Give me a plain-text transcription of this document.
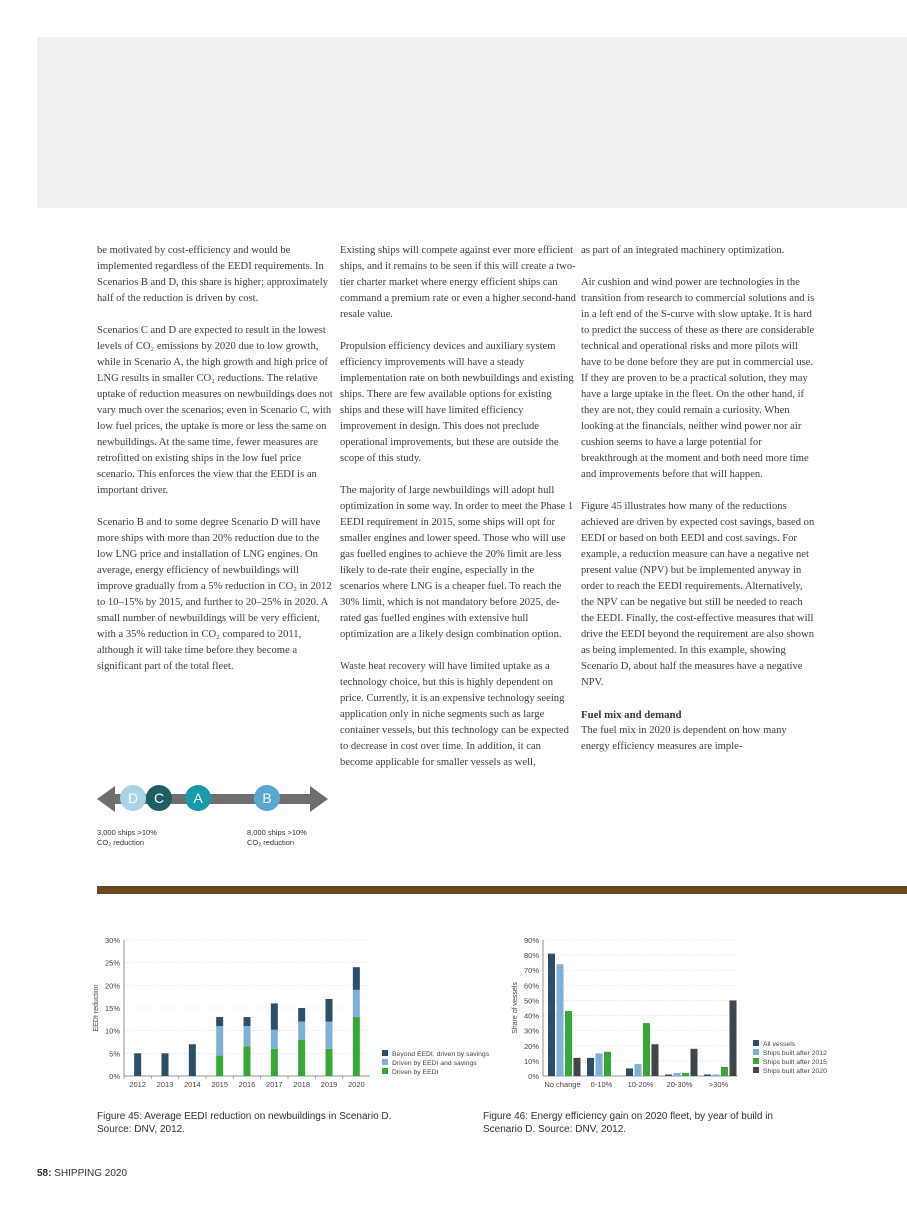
be motivated by cost-efficiency and would be implemented regardless of the EEDI requirements. In Scenarios B and D, this share is higher; approximately half of the reduction is driven by cost.

Scenarios C and D are expected to result in the lowest levels of CO₂ emissions by 2020 due to low growth, while in Scenario A, the high growth and high price of LNG results in smaller CO₂ reductions. The relative uptake of reduction measures on newbuildings does not vary much over the scenarios; even in Scenario C, with low fuel prices, the uptake is more or less the same on newbuildings. At the same time, fewer measures are retrofitted on existing ships in the low fuel price scenario. This enforces the view that the EEDI is an important driver.

Scenario B and to some degree Scenario D will have more ships with more than 20% reduction due to the low LNG price and installation of LNG engines. On average, energy efficiency of newbuildings will improve gradually from a 5% reduction in CO₂ in 2012 to 10–15% by 2015, and further to 20–25% in 2020. A small number of newbuildings will be very efficient, with a 35% reduction in CO₂ compared to 2011, although it will take time before they become a significant part of the total fleet.

Existing ships will compete against ever more efficient ships, and it remains to be seen if this will create a two-tier charter market where energy efficient ships can command a premium rate or even a higher second-hand resale value.

Propulsion efficiency devices and auxiliary system efficiency improvements will have a steady implementation rate on both newbuildings and existing ships. There are few available options for existing ships and these will have limited efficiency improvement in design. This does not preclude operational improvements, but these are outside the scope of this study.

The majority of large newbuildings will adopt hull optimization in some way. In order to meet the Phase 1 EEDI requirement in 2015, some ships will opt for smaller engines and lower speed. Those who will use gas fuelled engines to achieve the 20% limit are less likely to de-rate their engine, especially in the scenarios where LNG is a cheaper fuel. To reach the 30% limit, which is not mandatory before 2025, de-rated gas fuelled engines with extensive hull optimization are a likely design combination option.

Waste heat recovery will have limited uptake as a technology choice, but this is highly dependent on price. Currently, it is an expensive technology seeing application only in niche segments such as large container vessels, but this technology can be expected to decrease in cost over time. In addition, it can become applicable for smaller vessels as well,

as part of an integrated machinery optimization.

Air cushion and wind power are technologies in the transition from research to commercial solutions and is in a left end of the S-curve with slow uptake. It is hard to predict the success of these as there are considerable technical and operational risks and more pilots will have to be done before they are put in commercial use. If they are proven to be a practical solution, they may have a large uptake in the fleet. On the other hand, if they are not, they could remain a curiosity. When looking at the financials, neither wind power nor air cushion seems to have a large potential for breakthrough at the moment and both need more time and improvements before that will happen.

Figure 45 illustrates how many of the reductions achieved are driven by expected cost savings, based on EEDI or based on both EEDI and cost savings. For example, a reduction measure can have a negative net present value (NPV) but be implemented anyway in order to reach the EEDI requirements. Alternatively, the NPV can be negative but still be needed to reach the EEDI. Finally, the cost-effective measures that will drive the EEDI beyond the requirement are also shown as being implemented. In this example, showing Scenario D, about half the measures have a negative NPV.

Fuel mix and demand

The fuel mix in 2020 is dependent on how many energy efficiency measures are imple-

D C A	B
3,000 ships >10%
CO₂ reduction
8,000 ships >10%
CO₂ reduction
0%
5%
10%
15%
20%
25%
30%
EEDI reduction
2012 2013 2014 2015 2016 2017 2018 2019 2020
Beyond EEDI, driven by savings
Driven by EEDI and savings
Driven by EEDI	0%
10%
20%
30%
40%
50%
60%
70%
80%
90%
Share of vessels
No change 0-10% 10-20% 20-30% >30%
All vessels
Ships built after 2012
Ships built after 2015
Ships built after 2020
Figure 45: Average EEDI reduction on newbuildings in Scenario D.
Source: DNV, 2012.
Figure 46: Energy efficiency gain on 2020 fleet, by year of build in
Scenario D. Source: DNV, 2012.
58: SHIPPING 2020
